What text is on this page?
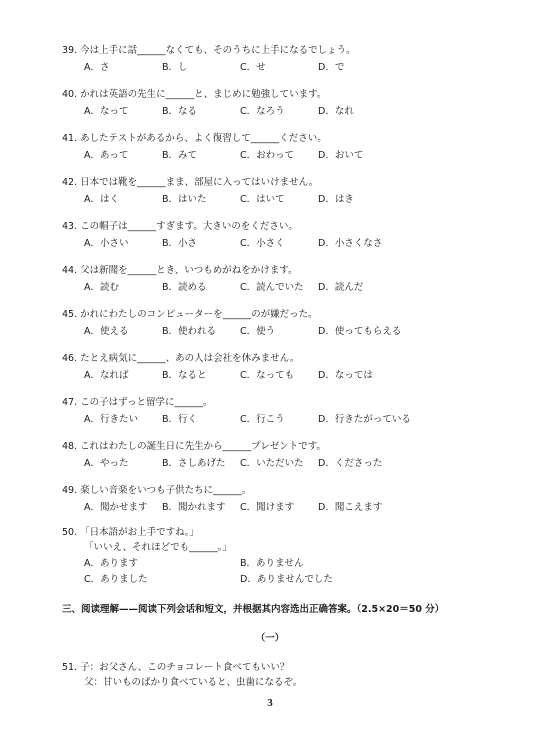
39. 今は上手に話______なくても、そのうちに上手になるでしょう。
A．さ	B．し	C．せ	D．で
40. かれは英語の先生に______と、まじめに勉強しています。
A．なって	B．なる	C．なろう	D．なれ
41. あしたテストがあるから、よく復習して______ください。
A．あって	B．みて	C．おわって	D．おいて
42. 日本では靴を______まま、部屋に入ってはいけません。
A．はく	B．はいた	C．はいて	D．はき
43. この帽子は______すぎます。大きいのをください。
A．小さい	B．小さ	C．小さく	D．小さくなさ
44. 父は新聞を______とき、いつもめがねをかけます。
A．読む	B．読める	C．読んでいた D．読んだ
45. かれにわたしのコンピューターを______のが嫌だった。
A．使える	B．使われる	C．使う	D．使ってもらえる
46. たとえ病気に______、あの人は会社を休みません。
A．なれば	B．なると	C．なっても	D．なっては
47. この子はずっと留学に______。
A．行きたい	B．行く	C．行こう	D．行きたがっている
48. これはわたしの誕生日に先生から______プレゼントです。
A．やった	B．さしあげた C．いただいた D．くださった
49. 楽しい音楽をいつも子供たちに______。
A．聞かせます B．聞かれます C．聞けます	D．聞こえます
50. 「日本語がお上手ですね。」
「いいえ、それほどでも______。」
A．あります	B．ありません
C．ありました	D．ありませんでした
三、阅读理解——阅读下列会话和短文，并根据其内容选出正确答案。（2.5×20＝50 分）
（一）
51. 子：お父さん、このチョコレート食べてもいい？
父：甘いものばかり食べていると、虫歯になるぞ。
3
